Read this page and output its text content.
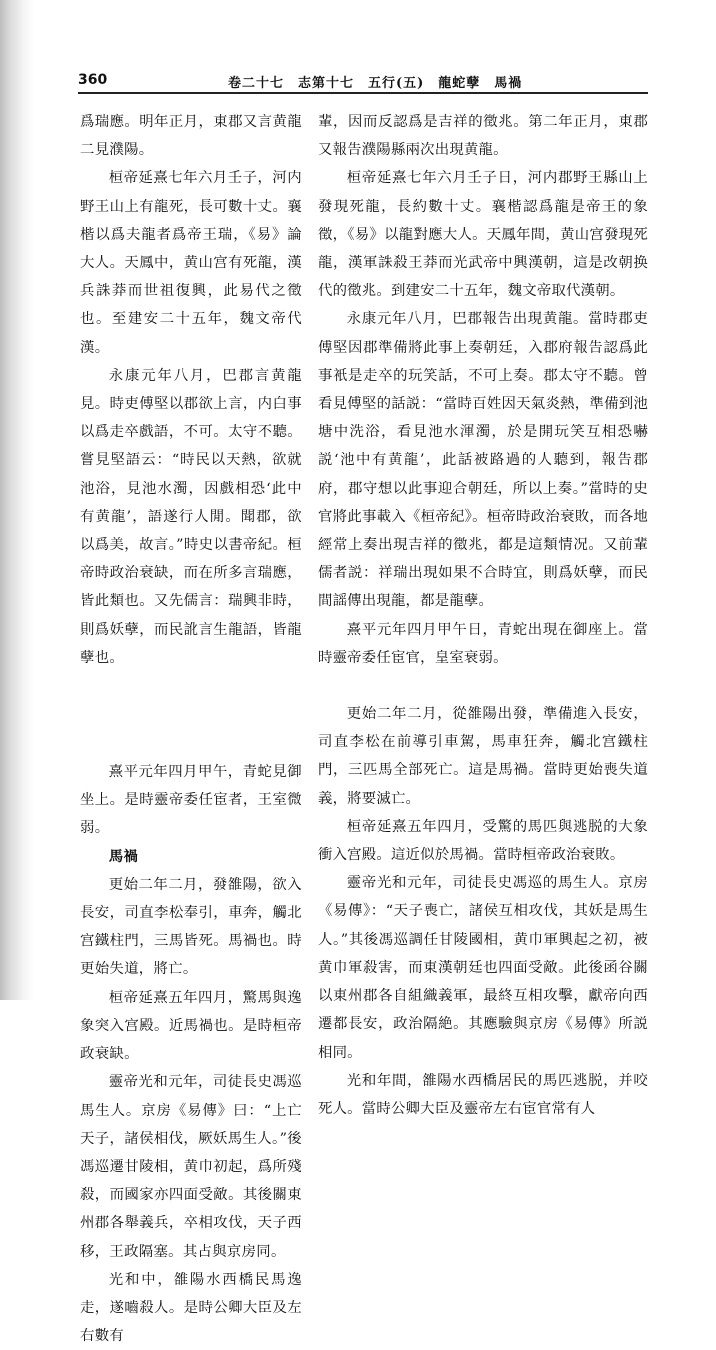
360	卷二十七　志第十七　五行(五)　龍蛇孽　馬禍

爲瑞應。明年正月，東郡又言黄龍二見濮陽。

桓帝延熹七年六月壬子，河内野王山上有龍死，長可數十丈。襄楷以爲夫龍者爲帝王瑞，《易》論大人。天鳳中，黄山宫有死龍，漢兵誅莽而世祖復興，此易代之徵也。至建安二十五年，魏文帝代漢。

永康元年八月，巴郡言黄龍見。時吏傅堅以郡欲上言，内白事以爲走卒戲語，不可。太守不聽。嘗見堅語云：“時民以天熱，欲就池浴，見池水濁，因戲相恐‘此中有黄龍’，語遂行人閒。聞郡，欲以爲美，故言。”時史以書帝紀。桓帝時政治衰缺，而在所多言瑞應，皆此類也。又先儒言：瑞興非時，則爲妖孽，而民訛言生龍語，皆龍孽也。

熹平元年四月甲午，青蛇見御坐上。是時靈帝委任宦者，王室微弱。

馬禍

更始二年二月，發雒陽，欲入長安，司直李松奉引，車奔，觸北宫鐵柱門，三馬皆死。馬禍也。時更始失道，將亡。

桓帝延熹五年四月，驚馬與逸象突入宫殿。近馬禍也。是時桓帝政衰缺。

靈帝光和元年，司徒長史馮巡馬生人。京房《易傳》曰：“上亡天子，諸侯相伐，厥妖馬生人。”後馮巡遷甘陵相，黄巾初起，爲所殘殺，而國家亦四面受敵。其後關東州郡各舉義兵，卒相攻伐，天子西移，王政隔塞。其占與京房同。

光和中，雒陽水西橋民馬逸走，遂嚙殺人。是時公卿大臣及左右數有

輩，因而反認爲是吉祥的徵兆。第二年正月，東郡又報告濮陽縣兩次出現黄龍。

桓帝延熹七年六月壬子日，河内郡野王縣山上發現死龍，長約數十丈。襄楷認爲龍是帝王的象徵，《易》以龍對應大人。天鳳年間，黄山宫發現死龍，漢軍誅殺王莽而光武帝中興漢朝，這是改朝换代的徵兆。到建安二十五年，魏文帝取代漢朝。

永康元年八月，巴郡報告出現黄龍。當時郡吏傅堅因郡準備將此事上奏朝廷，入郡府報告認爲此事衹是走卒的玩笑話，不可上奏。郡太守不聽。曾看見傅堅的話説：“當時百姓因天氣炎熱，準備到池塘中洗浴，看見池水渾濁，於是開玩笑互相恐嚇説‘池中有黄龍’，此話被路過的人聽到，報告郡府，郡守想以此事迎合朝廷，所以上奏。”當時的史官將此事載入《桓帝紀》。桓帝時政治衰敗，而各地經常上奏出現吉祥的徵兆，都是這類情况。又前輩儒者説：祥瑞出現如果不合時宜，則爲妖孽，而民間謡傳出現龍，都是龍孽。

熹平元年四月甲午日，青蛇出現在御座上。當時靈帝委任宦官，皇室衰弱。

更始二年二月，從雒陽出發，準備進入長安，司直李松在前導引車駕，馬車狂奔，觸北宫鐵柱門，三匹馬全部死亡。這是馬禍。當時更始喪失道義，將要滅亡。

桓帝延熹五年四月，受驚的馬匹與逃脱的大象衝入宫殿。這近似於馬禍。當時桓帝政治衰敗。

靈帝光和元年，司徒長史馮巡的馬生人。京房《易傳》：“天子喪亡，諸侯互相攻伐，其妖是馬生人。”其後馮巡調任甘陵國相，黄巾軍興起之初，被黄巾軍殺害，而東漢朝廷也四面受敵。此後函谷關以東州郡各自組織義軍，最終互相攻擊，獻帝向西遷都長安，政治隔絶。其應驗與京房《易傳》所説相同。

光和年間，雒陽水西橋居民的馬匹逃脱，并咬死人。當時公卿大臣及靈帝左右宦官常有人
